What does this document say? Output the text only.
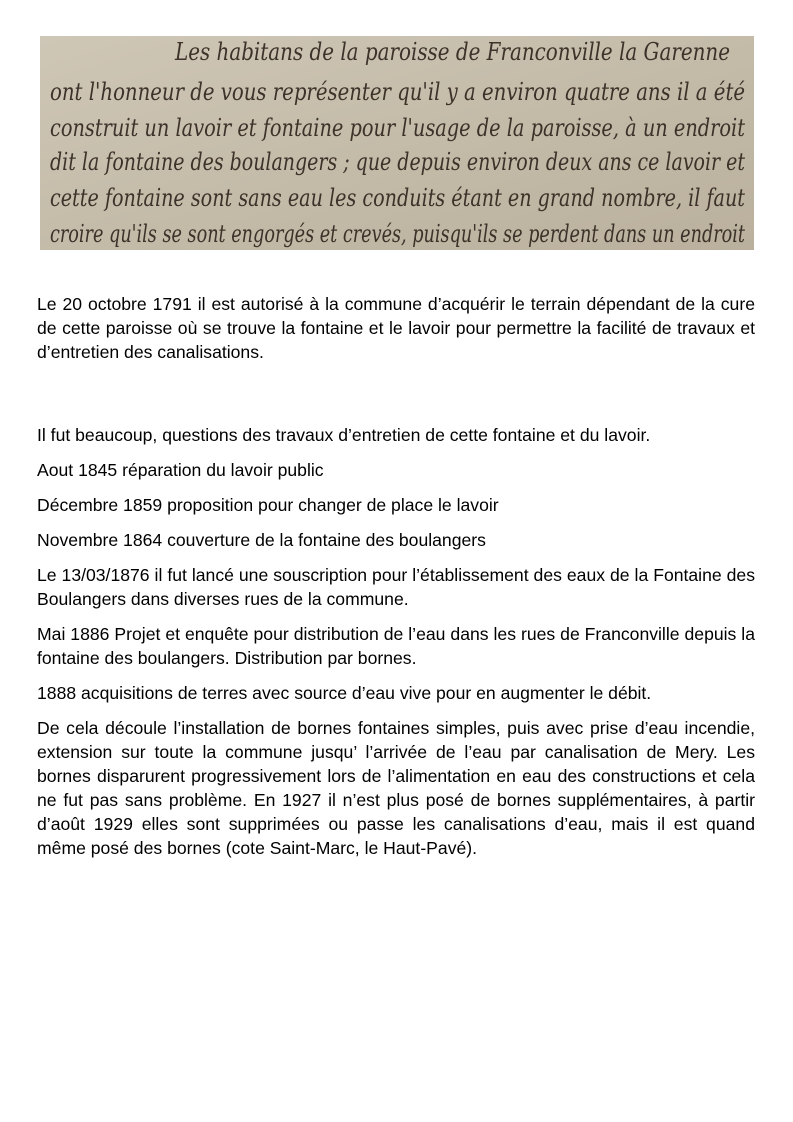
Les habitans de la paroisse de Franconville la Garenne
ont l'honneur de vous représenter qu'il y a environ quatre ans il a été
construit un lavoir et fontaine pour l'usage de la paroisse, à un endroit
dit la fontaine des boulangers ; que depuis environ deux ans ce lavoir et
cette fontaine sont sans eau les conduits étant en grand nombre, il faut
croire qu'ils se sont engorgés et crevés, puisqu'ils se perdent dans un endroit

Le 20 octobre 1791 il est autorisé à la commune d’acquérir le terrain dépendant de la cure de cette paroisse où se trouve la fontaine et le lavoir pour permettre la facilité de travaux et d’entretien des canalisations.

Il fut beaucoup, questions des travaux d’entretien de cette fontaine et du lavoir.

Aout 1845 réparation du lavoir public

Décembre 1859 proposition pour changer de place le lavoir

Novembre 1864 couverture de la fontaine des boulangers

Le 13/03/1876 il fut lancé une souscription pour l’établissement des eaux de la Fontaine des Boulangers dans diverses rues de la commune.

Mai 1886 Projet et enquête pour distribution de l’eau dans les rues de Franconville depuis la fontaine des boulangers. Distribution par bornes.

1888 acquisitions de terres avec source d’eau vive pour en augmenter le débit.

De cela découle l’installation de bornes fontaines simples, puis avec prise d’eau incendie, extension sur toute la commune jusqu’ l’arrivée de l’eau par canalisation de Mery. Les bornes disparurent progressivement lors de l’alimentation en eau des constructions et cela ne fut pas sans problème. En 1927 il n’est plus posé de bornes supplémentaires, à partir d’août 1929 elles sont supprimées ou passe les canalisations d’eau, mais il est quand même posé des bornes (cote Saint-Marc, le Haut-Pavé).
